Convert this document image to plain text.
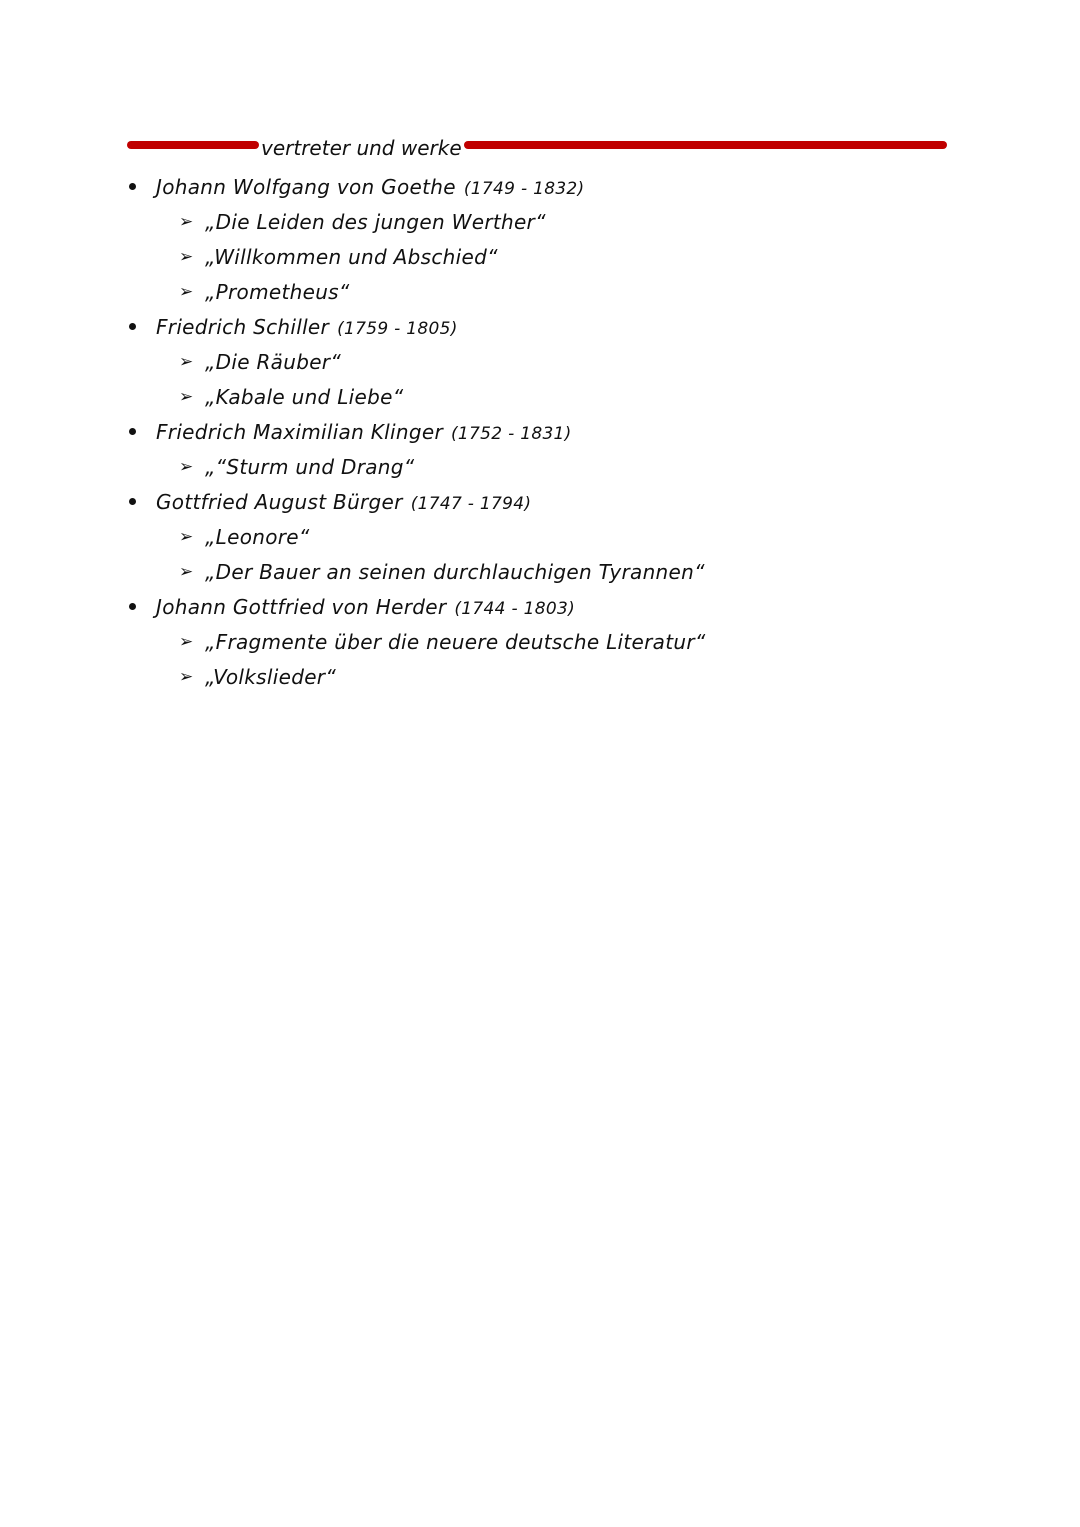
vertreter und werke
Johann Wolfgang von Goethe (1749 - 1832)
➢ „Die Leiden des jungen Werther“
➢ „Willkommen und Abschied“
➢ „Prometheus“
Friedrich Schiller (1759 - 1805)
➢ „Die Räuber“
➢ „Kabale und Liebe“
Friedrich Maximilian Klinger (1752 - 1831)
➢ „“Sturm und Drang“
Gottfried August Bürger (1747 - 1794)
➢ „Leonore“
➢ „Der Bauer an seinen durchlauchigen Tyrannen“
Johann Gottfried von Herder (1744 - 1803)
➢ „Fragmente über die neuere deutsche Literatur“
➢ „Volkslieder“
